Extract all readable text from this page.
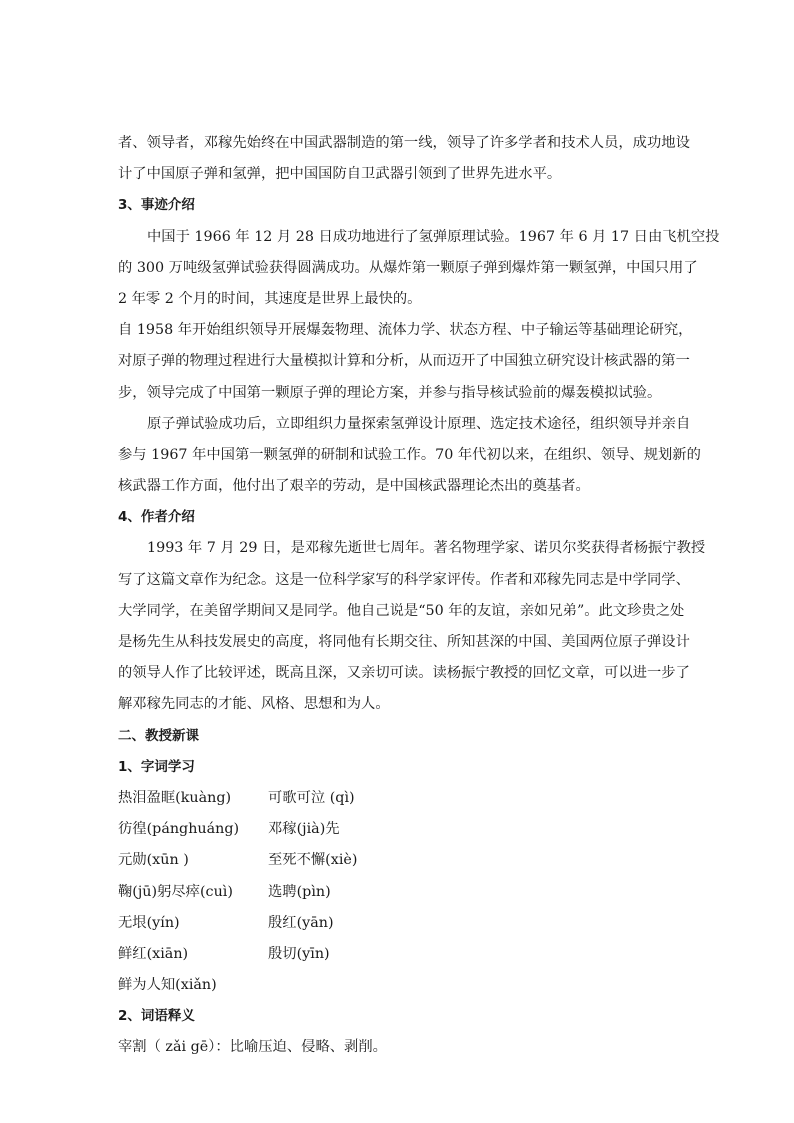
者、领导者，邓稼先始终在中国武器制造的第一线，领导了许多学者和技术人员，成功地设
计了中国原子弹和氢弹，把中国国防自卫武器引领到了世界先进水平。
3、事迹介绍
中国于 1966 年 12 月 28 日成功地进行了氢弹原理试验。1967 年 6 月 17 日由飞机空投
的 300 万吨级氢弹试验获得圆满成功。从爆炸第一颗原子弹到爆炸第一颗氢弹，中国只用了
2 年零 2 个月的时间，其速度是世界上最快的。
自 1958 年开始组织领导开展爆轰物理、流体力学、状态方程、中子输运等基础理论研究，
对原子弹的物理过程进行大量模拟计算和分析，从而迈开了中国独立研究设计核武器的第一
步，领导完成了中国第一颗原子弹的理论方案，并参与指导核试验前的爆轰模拟试验。
原子弹试验成功后，立即组织力量探索氢弹设计原理、选定技术途径，组织领导并亲自
参与 1967 年中国第一颗氢弹的研制和试验工作。70 年代初以来，在组织、领导、规划新的
核武器工作方面，他付出了艰辛的劳动，是中国核武器理论杰出的奠基者。
4、作者介绍
1993 年 7 月 29 日，是邓稼先逝世七周年。著名物理学家、诺贝尔奖获得者杨振宁教授
写了这篇文章作为纪念。这是一位科学家写的科学家评传。作者和邓稼先同志是中学同学、
大学同学，在美留学期间又是同学。他自己说是“50 年的友谊，亲如兄弟”。此文珍贵之处
是杨先生从科技发展史的高度，将同他有长期交往、所知甚深的中国、美国两位原子弹设计
的领导人作了比较评述，既高且深，又亲切可读。读杨振宁教授的回忆文章，可以进一步了
解邓稼先同志的才能、风格、思想和为人。
二、教授新课
1、字词学习
热泪盈眶(kuàng)	可歌可泣 (qì)
彷徨(pánghuáng)	邓稼(jià)先
元勋(xūn )	至死不懈(xiè)
鞠(jū)躬尽瘁(cuì)	选聘(pìn)
无垠(yín)	殷红(yān)
鲜红(xiān)	殷切(yīn)
鲜为人知(xiǎn)
2、词语释义
宰割（ zǎi gē）：比喻压迫、侵略、剥削。
